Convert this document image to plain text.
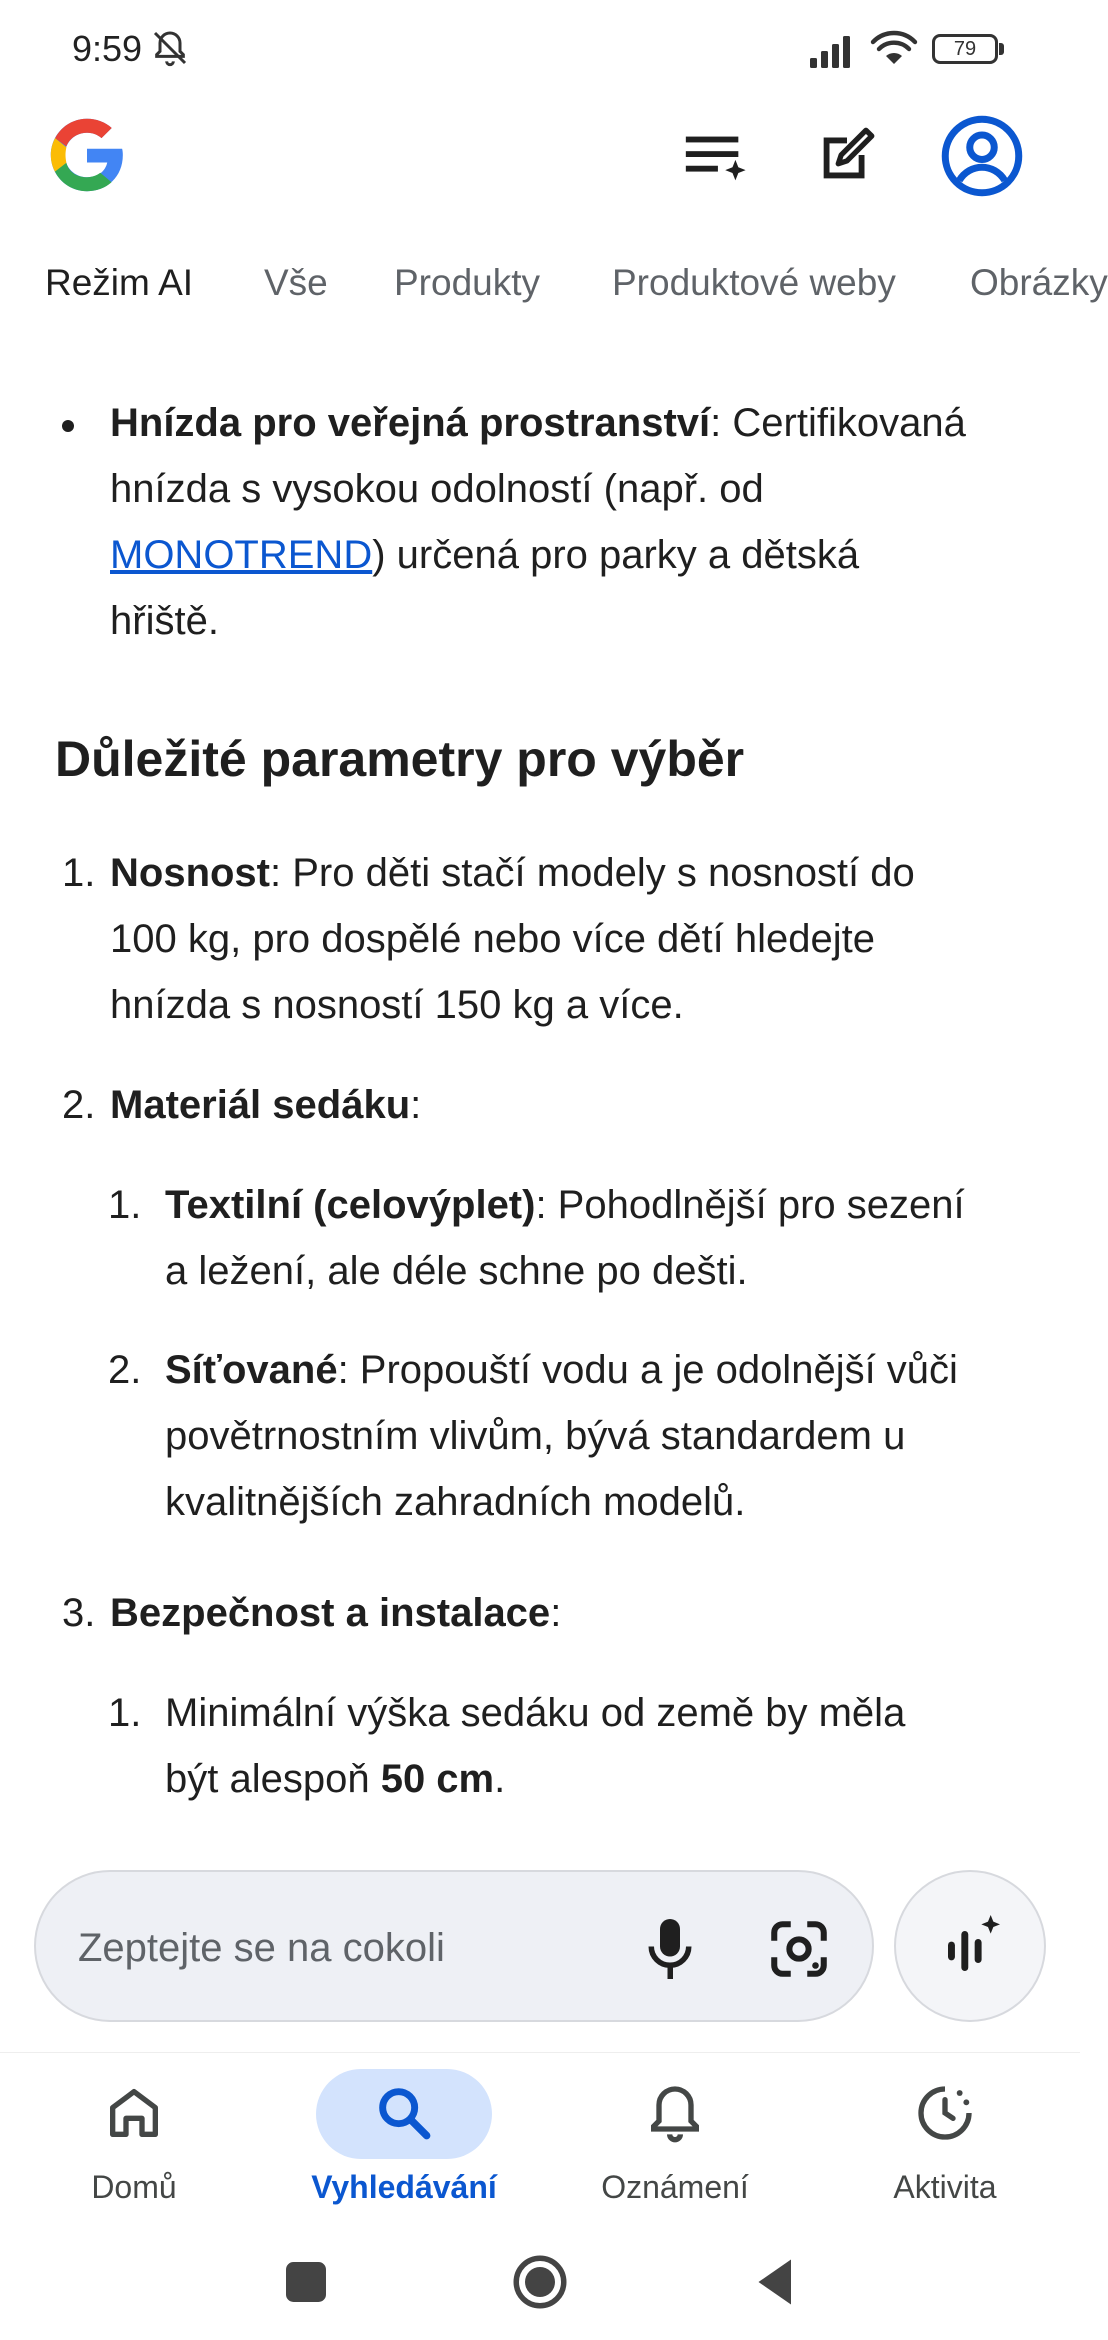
9:59	79
Režim AI Vše Produkty Produktové weby Obrázky
Hnízda pro veřejná prostranství: Certifikovaná
hnízda s vysokou odolností (např. od
MONOTREND) určená pro parky a dětská
hřiště.
Důležité parametry pro výběr
1. Nosnost: Pro děti stačí modely s nosností do
100 kg, pro dospělé nebo více dětí hledejte
hnízda s nosností 150 kg a více.
2. Materiál sedáku:
1. Textilní (celovýplet): Pohodlnější pro sezení
a ležení, ale déle schne po dešti.
2. Síťované: Propouští vodu a je odolnější vůči
povětrnostním vlivům, bývá standardem u
kvalitnějších zahradních modelů.
3. Bezpečnost a instalace:
1. Minimální výška sedáku od země by měla
být alespoň 50 cm.
Zeptejte se na cokoli
Domů	Vyhledávání	Oznámení	Aktivita
